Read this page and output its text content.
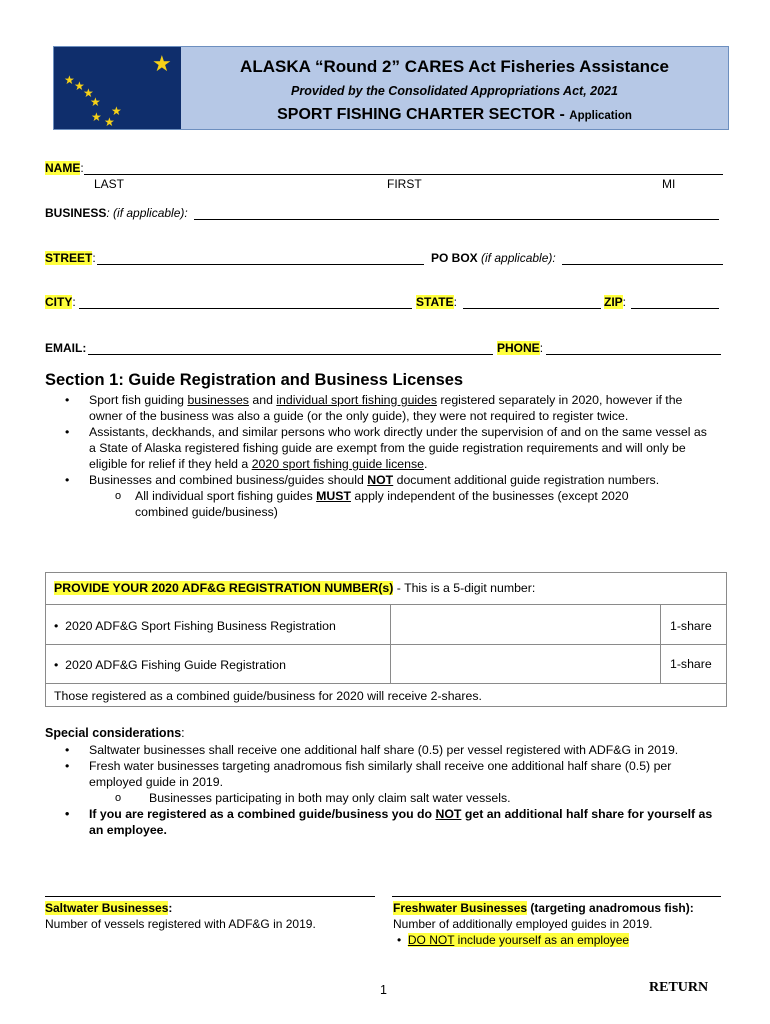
★
★ ★
★
★
★
★ ★
ALASKA “Round 2” CARES Act Fisheries Assistance
Provided by the Consolidated Appropriations Act, 2021
SPORT FISHING CHARTER SECTOR - Application
NAME:
LAST	FIRST	MI
BUSINESS: (if applicable):
STREET:	PO BOX (if applicable):
CITY:	STATE:	ZIP:
EMAIL:	PHONE:
Section 1: Guide Registration and Business Licenses
• Sport fish guiding businesses and individual sport fishing guides registered separately in 2020, however if the owner of the business was also a guide (or the only guide), they were not required to register twice.
• Assistants, deckhands, and similar persons who work directly under the supervision of and on the same vessel as a State of Alaska registered fishing guide are exempt from the guide registration requirements and will only be eligible for relief if they held a 2020 sport fishing guide license.
• Businesses and combined business/guides should NOT document additional guide registration numbers.
o All individual sport fishing guides MUST apply independent of the businesses (except 2020 combined guide/business)
PROVIDE YOUR 2020 ADF&G REGISTRATION NUMBER(s) - This is a 5-digit number:
•  2020 ADF&G Sport Fishing Business Registration	1-share
•  2020 ADF&G Fishing Guide Registration	1-share
Those registered as a combined guide/business for 2020 will receive 2-shares.
Special considerations:
• Saltwater businesses shall receive one additional half share (0.5) per vessel registered with ADF&G in 2019.
• Fresh water businesses targeting anadromous fish similarly shall receive one additional half share (0.5) per employed guide in 2019.
o Businesses participating in both may only claim salt water vessels.
• If you are registered as a combined guide/business you do NOT get an additional half share for yourself as an employee.
Saltwater Businesses:
Number of vessels registered with ADF&G in 2019.
Freshwater Businesses (targeting anadromous fish):
Number of additionally employed guides in 2019.
•  DO NOT include yourself as an employee
1	RETURN
